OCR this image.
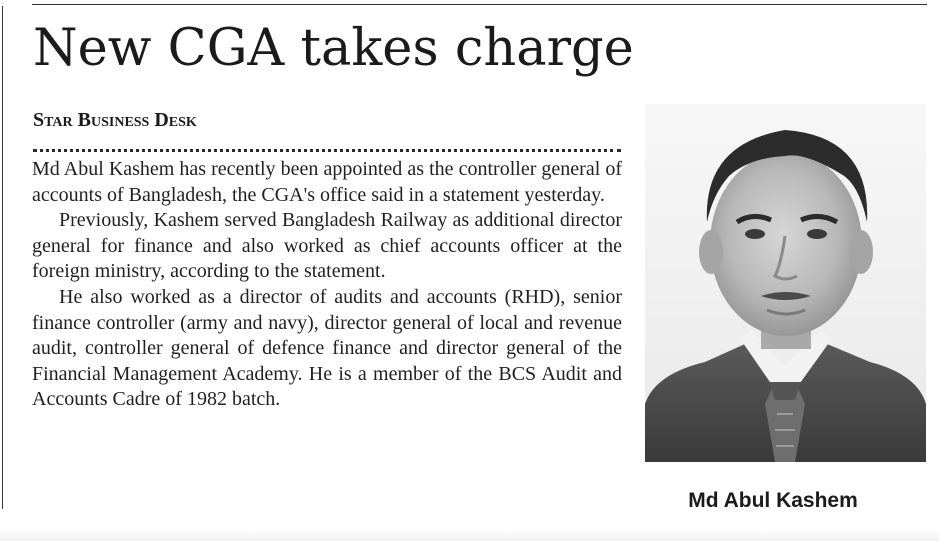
New CGA takes charge
Star Business Desk

Md Abul Kashem has recently been appointed as the controller general of accounts of Bangladesh, the CGA's office said in a statement yesterday.

Previously, Kashem served Bangladesh Railway as additional director general for finance and also worked as chief accounts officer at the foreign ministry, according to the statement.

He also worked as a director of audits and accounts (RHD), senior finance controller (army and navy), director general of local and revenue audit, controller general of defence finance and director general of the Financial Management Academy. He is a member of the BCS Audit and Accounts Cadre of 1982 batch.

Md Abul Kashem
